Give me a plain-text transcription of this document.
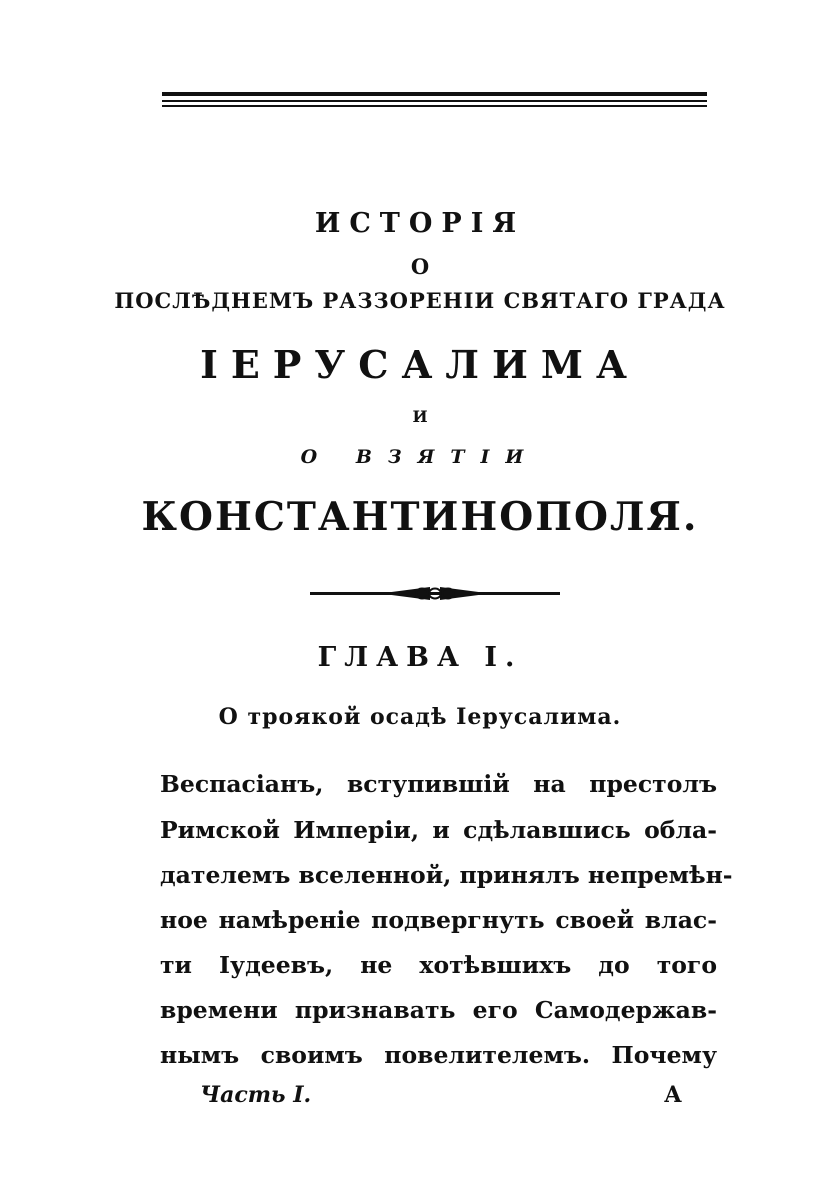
ИСТОРІЯ
О
ПОСЛѢДНЕМЪ РАЗЗОРЕНІИ СВЯТАГО ГРАДА
ІЕРУСАЛИМА
И
О ВЗЯТІИ
КОНСТАНТИНОПОЛЯ.
ГЛАВА I.
О троякой осадѣ Іерусалима.
Веспасіанъ, вступившій на престолъ
Римской Имперіи, и сдѣлавшись обла-
дателемъ вселенной, принялъ непремѣн-
ное намѣреніе подвергнуть своей влас-
ти Іудеевъ, не хотѣвшихъ до того
времени признавать его Самодержав-
нымъ своимъ повелителемъ. Почему
Часть I.	А
